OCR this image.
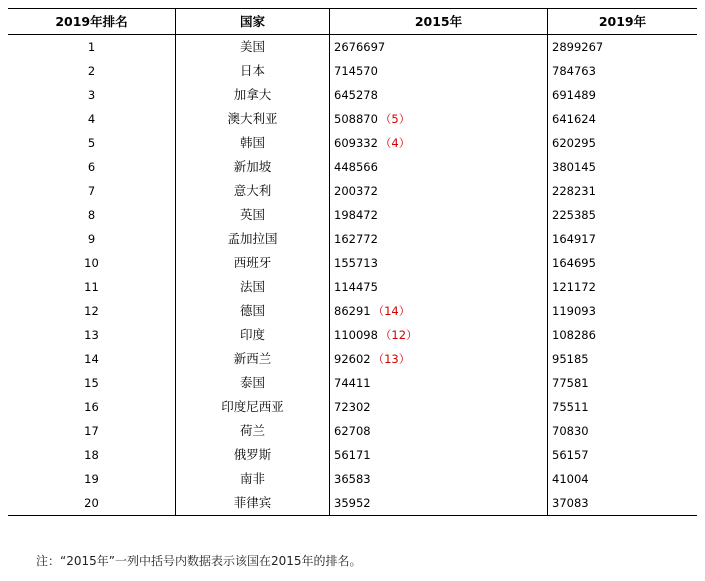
2019年排名	国家	2015年	2019年
1	美国	2676697	2899267
2	日本	714570	784763
3	加拿大	645278	691489
4	澳大利亚	508870 （5）	641624
5	韩国	609332 （4）	620295
6	新加坡	448566	380145
7	意大利	200372	228231
8	英国	198472	225385
9	孟加拉国	162772	164917
10	西班牙	155713	164695
11	法国	114475	121172
12	德国	86291 （14）	119093
13	印度	110098 （12）	108286
14	新西兰	92602 （13）	95185
15	泰国	74411	77581
16	印度尼西亚	72302	75511
17	荷兰	62708	70830
18	俄罗斯	56171	56157
19	南非	36583	41004
20	菲律宾	35952	37083
注：“2015年”一列中括号内数据表示该国在2015年的排名。
